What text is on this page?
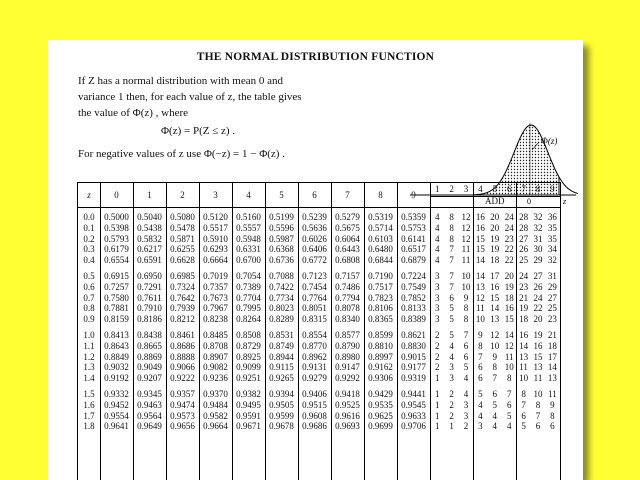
THE NORMAL DISTRIBUTION FUNCTION
If Z has a normal distribution with mean 0 and
variance 1 then, for each value of z, the table gives
the value of Φ(z) , where
Φ(z) = P(Z ≤ z) .
For negative values of z use Φ(−z) = 1 − Φ(z) .
Φ(z)
0	z
z	0	1	2	3	4	5	6	7	8	9
1	2	3	4	5	6	7	8	9
ADD
0.0	0.5000 0.5040 0.5080 0.5120 0.5160 0.5199 0.5239 0.5279 0.5319 0.5359	4	8 12 16 20 24 28 32 36
0.1	0.5398 0.5438 0.5478 0.5517 0.5557 0.5596 0.5636 0.5675 0.5714 0.5753	4	8 12 16 20 24 28 32 35
0.2	0.5793 0.5832 0.5871 0.5910 0.5948 0.5987 0.6026 0.6064 0.6103 0.6141	4	8 12 15 19 23 27 31 35
0.3	0.6179 0.6217 0.6255 0.6293 0.6331 0.6368 0.6406 0.6443 0.6480 0.6517	4	7 11 15 19 22 26 30 34
0.4	0.6554 0.6591 0.6628 0.6664 0.6700 0.6736 0.6772 0.6808 0.6844 0.6879	4	7 11 14 18 22 25 29 32
0.5	0.6915 0.6950 0.6985 0.7019 0.7054 0.7088 0.7123 0.7157 0.7190 0.7224	3	7 10 14 17 20 24 27 31
0.6	0.7257 0.7291 0.7324 0.7357 0.7389 0.7422 0.7454 0.7486 0.7517 0.7549	3	7 10 13 16 19 23 26 29
0.7	0.7580 0.7611 0.7642 0.7673 0.7704 0.7734 0.7764 0.7794 0.7823 0.7852	3	6	9 12 15 18 21 24 27
0.8	0.7881 0.7910 0.7939 0.7967 0.7995 0.8023 0.8051 0.8078 0.8106 0.8133	3	5	8 11 14 16 19 22 25
0.9	0.8159 0.8186 0.8212 0.8238 0.8264 0.8289 0.8315 0.8340 0.8365 0.8389	3	5	8 10 13 15 18 20 23
1.0	0.8413 0.8438 0.8461 0.8485 0.8508 0.8531 0.8554 0.8577 0.8599 0.8621	2	5	7	9 12 14 16 19 21
1.1	0.8643 0.8665 0.8686 0.8708 0.8729 0.8749 0.8770 0.8790 0.8810 0.8830	2	4	6	8 10 12 14 16 18
1.2	0.8849 0.8869 0.8888 0.8907 0.8925 0.8944 0.8962 0.8980 0.8997 0.9015	2	4	6	7	9 11 13 15 17
1.3	0.9032 0.9049 0.9066 0.9082 0.9099 0.9115 0.9131 0.9147 0.9162 0.9177	2	3	5	6	8 10 11 13 14
1.4	0.9192 0.9207 0.9222 0.9236 0.9251 0.9265 0.9279 0.9292 0.9306 0.9319	1	3	4	6	7	8 10 11 13
1.5	0.9332 0.9345 0.9357 0.9370 0.9382 0.9394 0.9406 0.9418 0.9429 0.9441	1	2	4	5	6	7	8 10 11
1.6	0.9452 0.9463 0.9474 0.9484 0.9495 0.9505 0.9515 0.9525 0.9535 0.9545	1	2	3	4	5	6	7	8	9
1.7	0.9554 0.9564 0.9573 0.9582 0.9591 0.9599 0.9608 0.9616 0.9625 0.9633	1	2	3	4	4	5	6	7	8
1.8	0.9641 0.9649 0.9656 0.9664 0.9671 0.9678 0.9686 0.9693 0.9699 0.9706	1	1	2	3	4	4	5	6	6
